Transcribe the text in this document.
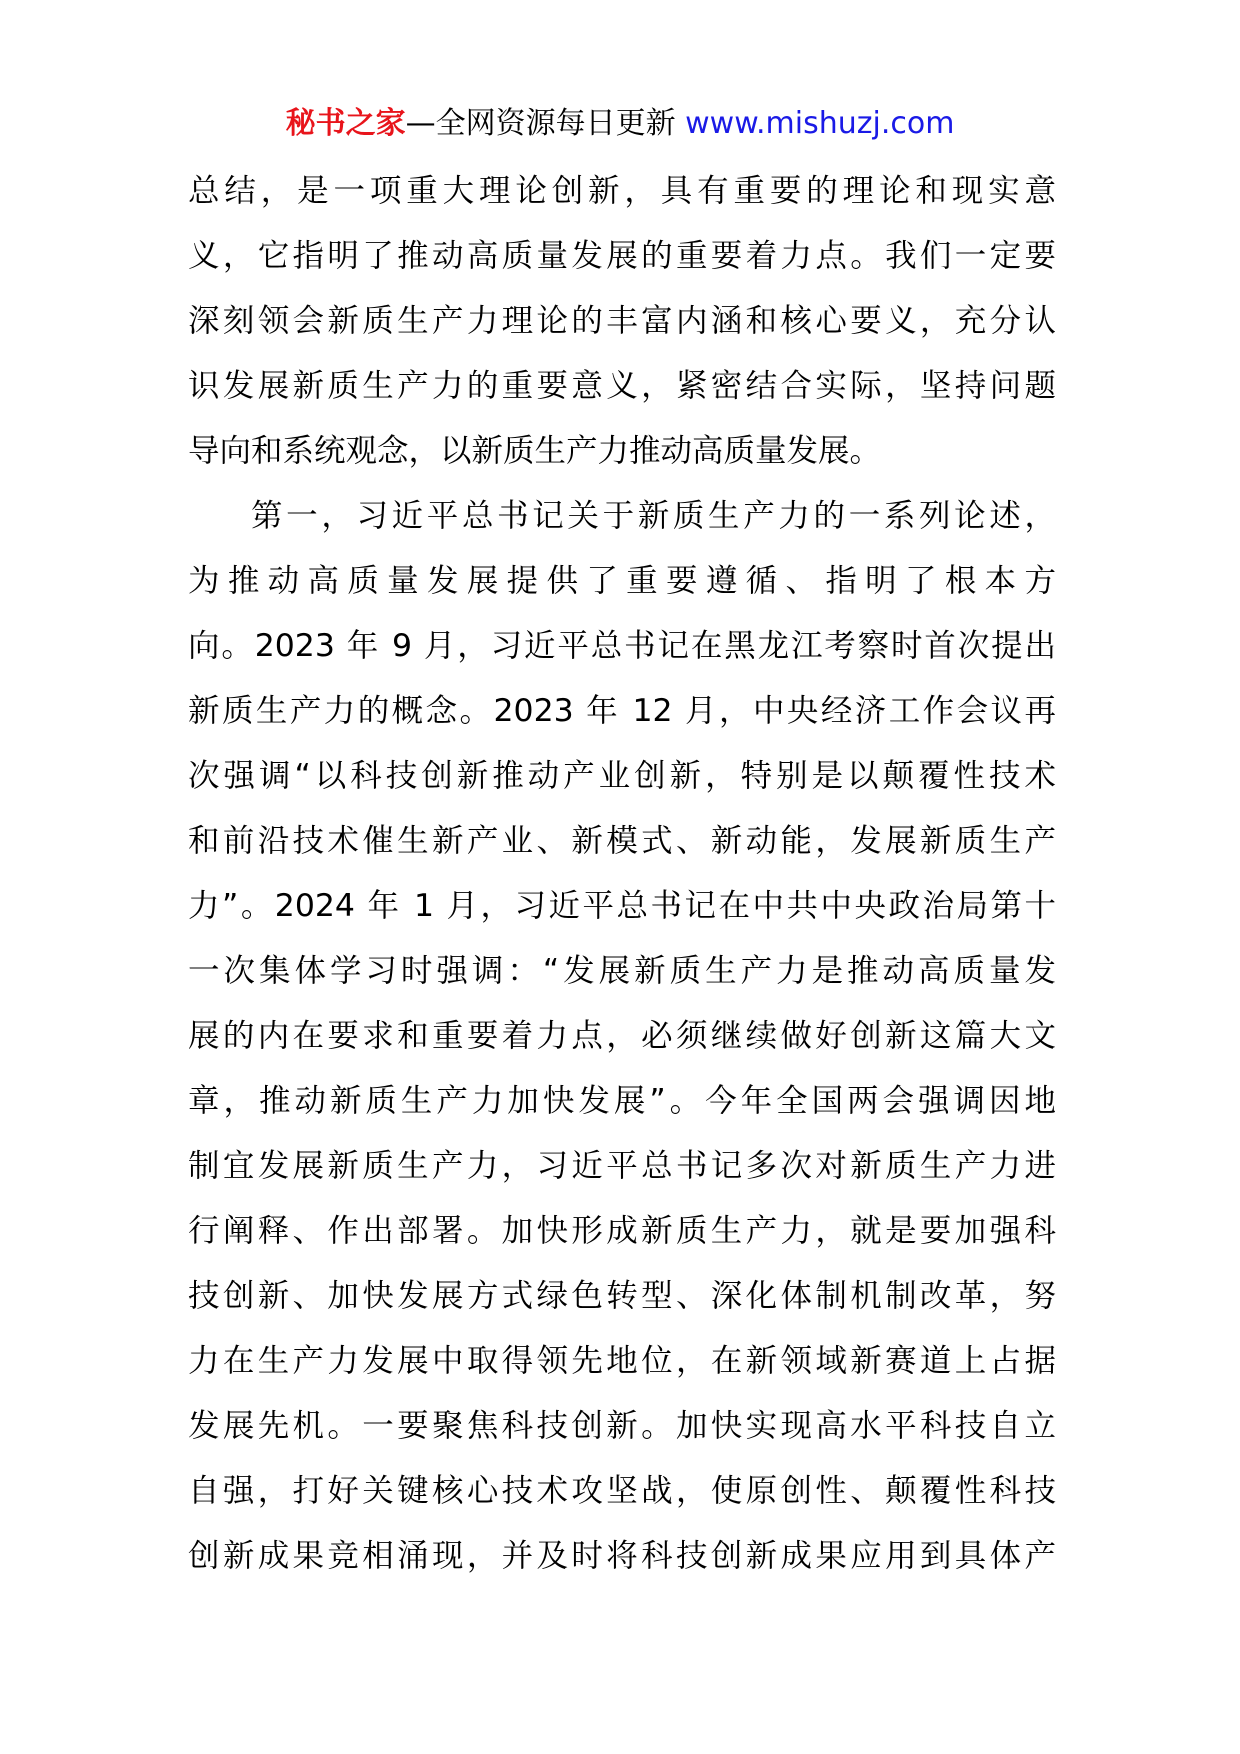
秘书之家—全网资源每日更新 www.mishuzj.com
总结，是一项重大理论创新，具有重要的理论和现实意
义，它指明了推动高质量发展的重要着力点。我们一定要
深刻领会新质生产力理论的丰富内涵和核心要义，充分认
识发展新质生产力的重要意义，紧密结合实际，坚持问题
导向和系统观念，以新质生产力推动高质量发展。
第一，习近平总书记关于新质生产力的一系列论述，
为推动高质量发展提供了重要遵循、指明了根本方
向。2023 年 9 月，习近平总书记在黑龙江考察时首次提出
新质生产力的概念。2023 年 12 月，中央经济工作会议再
次强调“以科技创新推动产业创新，特别是以颠覆性技术
和前沿技术催生新产业、新模式、新动能，发展新质生产
力”。2024 年 1 月，习近平总书记在中共中央政治局第十
一次集体学习时强调：“发展新质生产力是推动高质量发
展的内在要求和重要着力点，必须继续做好创新这篇大文
章，推动新质生产力加快发展”。今年全国两会强调因地
制宜发展新质生产力，习近平总书记多次对新质生产力进
行阐释、作出部署。加快形成新质生产力，就是要加强科
技创新、加快发展方式绿色转型、深化体制机制改革，努
力在生产力发展中取得领先地位，在新领域新赛道上占据
发展先机。一要聚焦科技创新。加快实现高水平科技自立
自强，打好关键核心技术攻坚战，使原创性、颠覆性科技
创新成果竞相涌现，并及时将科技创新成果应用到具体产
